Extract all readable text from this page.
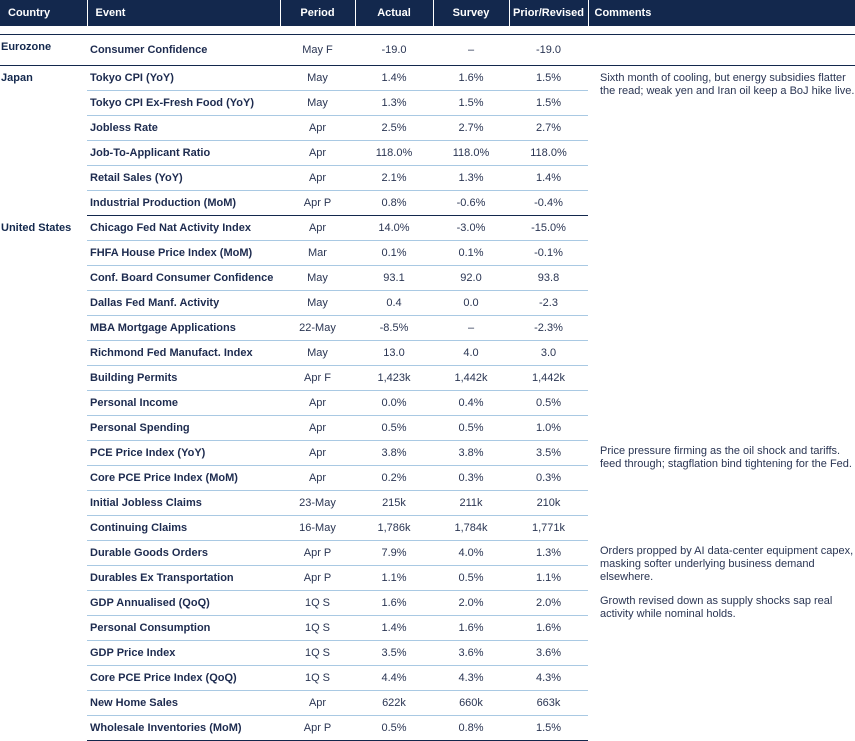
Country	Event	Period	Actual	Survey	Prior/Revised	Comments

Eurozone	Consumer Confidence	May F	-19.0	–	-19.0	
Japan	Tokyo CPI (YoY)	May	1.4%	1.6%	1.5%	Sixth month of cooling, but energy subsidies flatter the read; weak yen and Iran oil keep a BoJ hike live.

	Tokyo CPI Ex-Fresh Food (YoY)	May	1.3%	1.5%	1.5%	
	Jobless Rate	Apr	2.5%	2.7%	2.7%	
	Job-To-Applicant Ratio	Apr	118.0%	118.0%	118.0%	
	Retail Sales (YoY)	Apr	2.1%	1.3%	1.4%	
	Industrial Production (MoM)	Apr P	0.8%	-0.6%	-0.4%	
United States	Chicago Fed Nat Activity Index	Apr	14.0%	-3.0%	-15.0%	
	FHFA House Price Index (MoM)	Mar	0.1%	0.1%	-0.1%	
	Conf. Board Consumer Confidence	May	93.1	92.0	93.8	
	Dallas Fed Manf. Activity	May	0.4	0.0	-2.3	
	MBA Mortgage Applications	22-May	-8.5%	–	-2.3%	
	Richmond Fed Manufact. Index	May	13.0	4.0	3.0	
	Building Permits	Apr F	1,423k	1,442k	1,442k	
	Personal Income	Apr	0.0%	0.4%	0.5%	
	Personal Spending	Apr	0.5%	0.5%	1.0%	
	PCE Price Index (YoY)	Apr	3.8%	3.8%	3.5%	Price pressure firming as the oil shock and tariffs. feed through; stagflation bind tightening for the Fed.

	Core PCE Price Index (MoM)	Apr	0.2%	0.3%	0.3%	
	Initial Jobless Claims	23-May	215k	211k	210k	
	Continuing Claims	16-May	1,786k	1,784k	1,771k	
	Durable Goods Orders	Apr P	7.9%	4.0%	1.3%	Orders propped by AI data-center equipment capex, masking softer underlying business demand elsewhere.

	Durables Ex Transportation	Apr P	1.1%	0.5%	1.1%	
	GDP Annualised (QoQ)	1Q S	1.6%	2.0%	2.0%	Growth revised down as supply shocks sap real activity while nominal holds.

	Personal Consumption	1Q S	1.4%	1.6%	1.6%	
	GDP Price Index	1Q S	3.5%	3.6%	3.6%	
	Core PCE Price Index (QoQ)	1Q S	4.4%	4.3%	4.3%	
	New Home Sales	Apr	622k	660k	663k	
	Wholesale Inventories (MoM)	Apr P	0.5%	0.8%	1.5%	
